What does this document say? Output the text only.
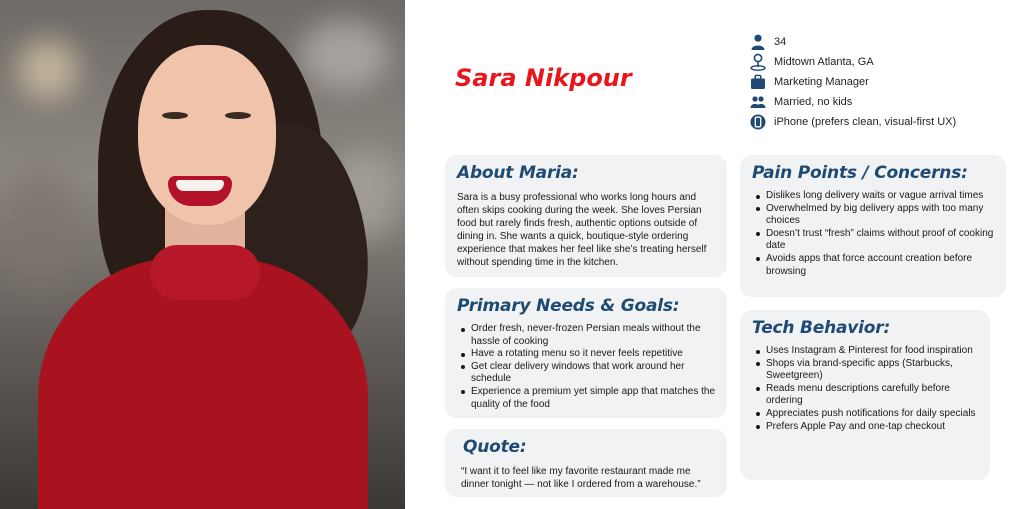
Sara Nikpour
34
Midtown Atlanta, GA
Marketing Manager
Married, no kids
iPhone (prefers clean, visual-first UX)
About Maria:

Sara is a busy professional who works long hours and often skips cooking during the week. She loves Persian food but rarely finds fresh, authentic options outside of dining in. She wants a quick, boutique-style ordering experience that makes her feel like she’s treating herself without spending time in the kitchen.

Primary Needs & Goals:
Order fresh, never-frozen Persian meals without the hassle of cooking
Have a rotating menu so it never feels repetitive
Get clear delivery windows that work around her schedule
Experience a premium yet simple app that matches the quality of the food
Quote:

“I want it to feel like my favorite restaurant made me dinner tonight — not like I ordered from a warehouse.”

Pain Points / Concerns:
Dislikes long delivery waits or vague arrival times
Overwhelmed by big delivery apps with too many choices
Doesn’t trust “fresh” claims without proof of cooking date
Avoids apps that force account creation before browsing
Tech Behavior:
Uses Instagram & Pinterest for food inspiration
Shops via brand-specific apps (Starbucks, Sweetgreen)
Reads menu descriptions carefully before ordering
Appreciates push notifications for daily specials
Prefers Apple Pay and one-tap checkout
